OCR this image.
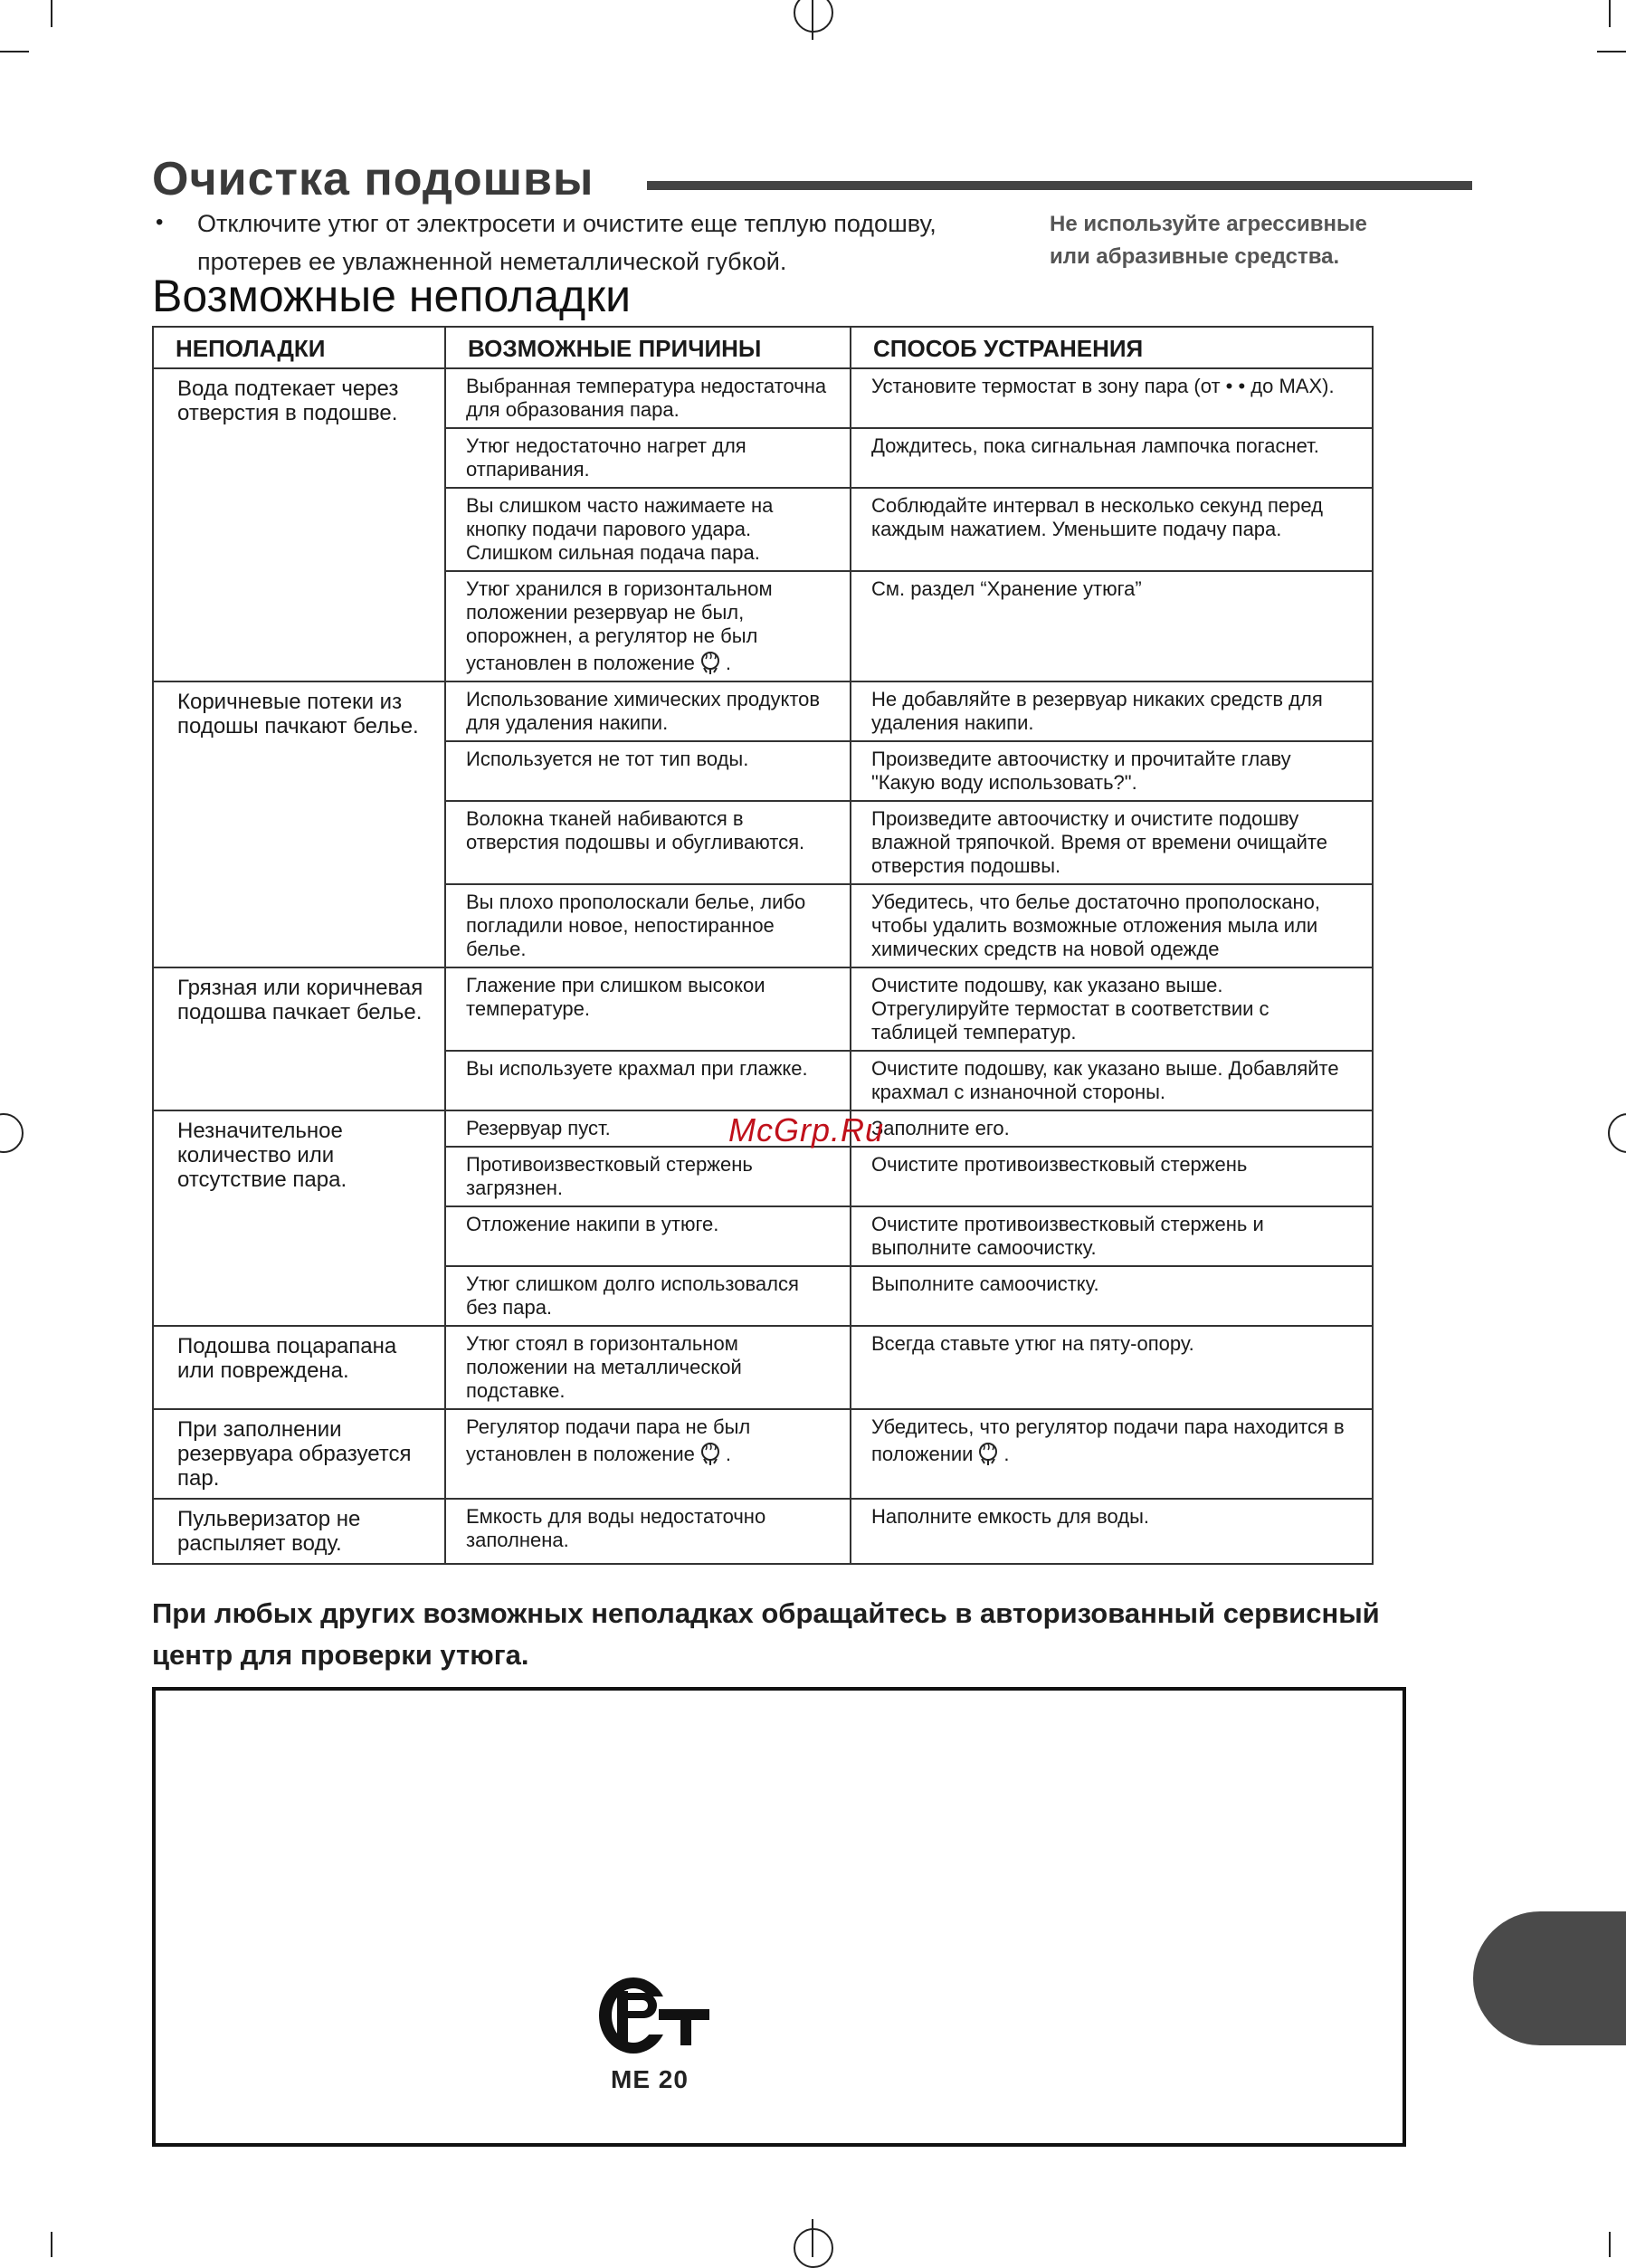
Очистка подошвы
• Отключите утюг от электросети и очистите еще теплую подошву, протерев ее увлажненной неметаллической губкой.
Не используйте агрессивные или абразивные средства.
Возможные неполадки
НЕПОЛАДКИ	ВОЗМОЖНЫЕ ПРИЧИНЫ	СПОСОБ УСТРАНЕНИЯ
Вода подтекает через отверстия в подошве.	Выбранная температура недостаточна для образования пара.	Установите термостат в зону пара (от • • до MAX).
	Утюг недостаточно нагрет для отпаривания.	Дождитесь, пока сигнальная лампочка погаснет.
	Вы слишком часто нажимаете на кнопку подачи парового удара. Слишком сильная подача пара.	Соблюдайте интервал в несколько секунд перед каждым нажатием. Уменьшите подачу пара.
	Утюг хранился в горизонтальном положении резервуар не был, опорожнен, а регулятор не был установлен в положение .	См. раздел “Хранение утюга”
Коричневые потеки из подошы пачкают белье.	Использование химических продуктов для удаления накипи.	Не добавляйте в резервуар никаких средств для удаления накипи.
	Используется не тот тип воды.	Произведите автоочистку и прочитайте главу "Какую воду использовать?".
	Волокна тканей набиваются в отверстия подошвы и обугливаются.	Произведите автоочистку и очистите подошву влажной тряпочкой. Время от времени очищайте отверстия подошвы.
	Вы плохо прополоскали белье, либо погладили новое, непостиранное белье.	Убедитесь, что белье достаточно прополоскано, чтобы удалить возможные отложения мыла или химических средств на новой одежде
Грязная или коричневая подошва пачкает белье.	Глажение при слишком высокои температуре.	Очистите подошву, как указано выше. Отрегулируйте термостат в соответствии с таблицей температур.
	Вы используете крахмал при глажке.	Очистите подошву, как указано выше. Добавляйте крахмал с изнаночной стороны.
Незначительное количество или отсутствие пара.	Резервуар пуст.	Заполните его.
	Противоизвестковый стержень загрязнен.	Очистите противоизвестковый стержень
	Отложение накипи в утюге.	Очистите противоизвестковый стержень и выполните самоочистку.
	Утюг слишком долго использовался без пара.	Выполните самоочистку.
Подошва поцарапана или повреждена.	Утюг стоял в горизонтальном положении на металлической подставке.	Всегда ставьте утюг на пяту-опору.
При заполнении резервуара образуется пар.	Регулятор подачи пара не был установлен в положение .	Убедитесь, что регулятор подачи пара находится в положении .
Пульверизатор не распыляет воду.	Емкость для воды недостаточно заполнена.	Наполните емкость для воды.
При любых других возможных неполадках обращайтесь в авторизованный сервисный центр для проверки утюга.
ME 20
McGrp.Ru
